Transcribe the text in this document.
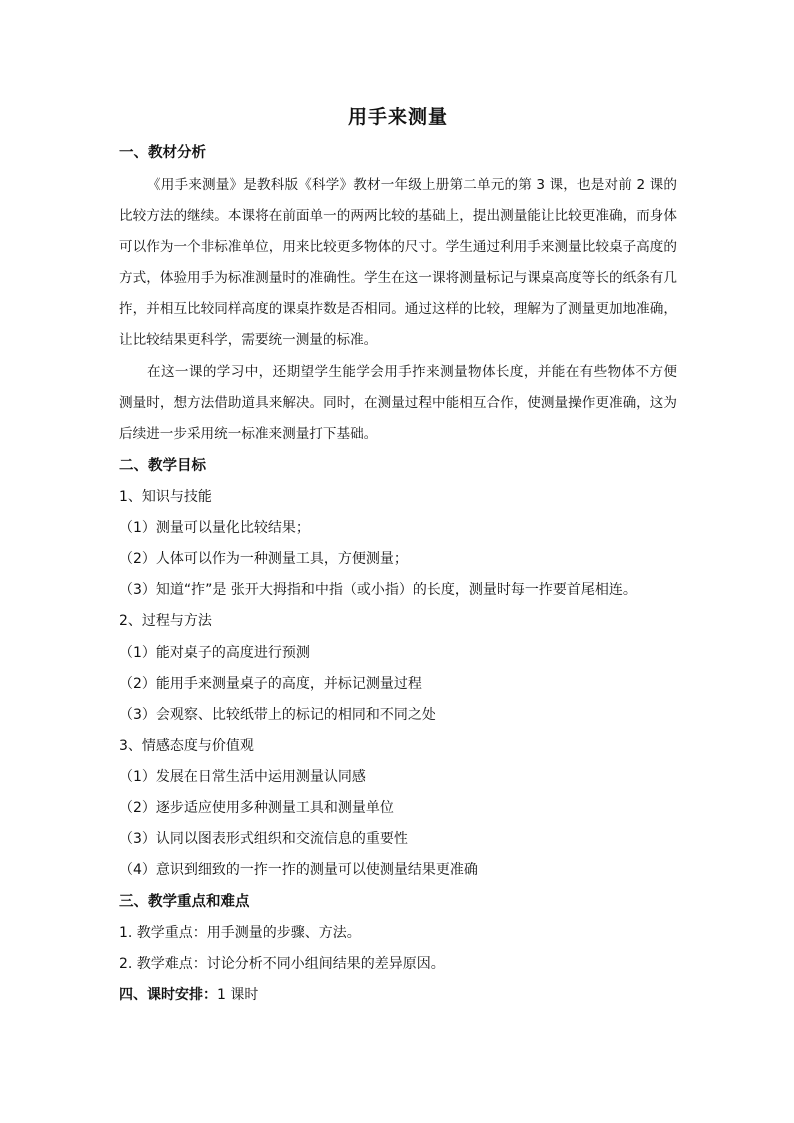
用手来测量
一、教材分析
《用手来测量》是教科版《科学》教材一年级上册第二单元的第 3 课，也是对前 2 课的比较方法的继续。本课将在前面单一的两两比较的基础上，提出测量能让比较更准确，而身体可以作为一个非标准单位，用来比较更多物体的尺寸。学生通过利用手来测量比较桌子高度的方式，体验用手为标准测量时的准确性。学生在这一课将测量标记与课桌高度等长的纸条有几拃，并相互比较同样高度的课桌拃数是否相同。通过这样的比较，理解为了测量更加地准确，让比较结果更科学，需要统一测量的标准。
在这一课的学习中，还期望学生能学会用手拃来测量物体长度，并能在有些物体不方便测量时，想方法借助道具来解决。同时，在测量过程中能相互合作，使测量操作更准确，这为后续进一步采用统一标准来测量打下基础。
二、教学目标
1、知识与技能
（1）测量可以量化比较结果；
（2）人体可以作为一种测量工具，方便测量；
（3）知道“拃”是 张开大拇指和中指（或小指）的长度，测量时每一拃要首尾相连。
2、过程与方法
（1）能对桌子的高度进行预测
（2）能用手来测量桌子的高度，并标记测量过程
（3）会观察、比较纸带上的标记的相同和不同之处
3、情感态度与价值观
（1）发展在日常生活中运用测量认同感
（2）逐步适应使用多种测量工具和测量单位
（3）认同以图表形式组织和交流信息的重要性
（4）意识到细致的一拃一拃的测量可以使测量结果更准确
三、教学重点和难点
1. 教学重点：用手测量的步骤、方法。
2. 教学难点：讨论分析不同小组间结果的差异原因。
四、课时安排：1 课时
